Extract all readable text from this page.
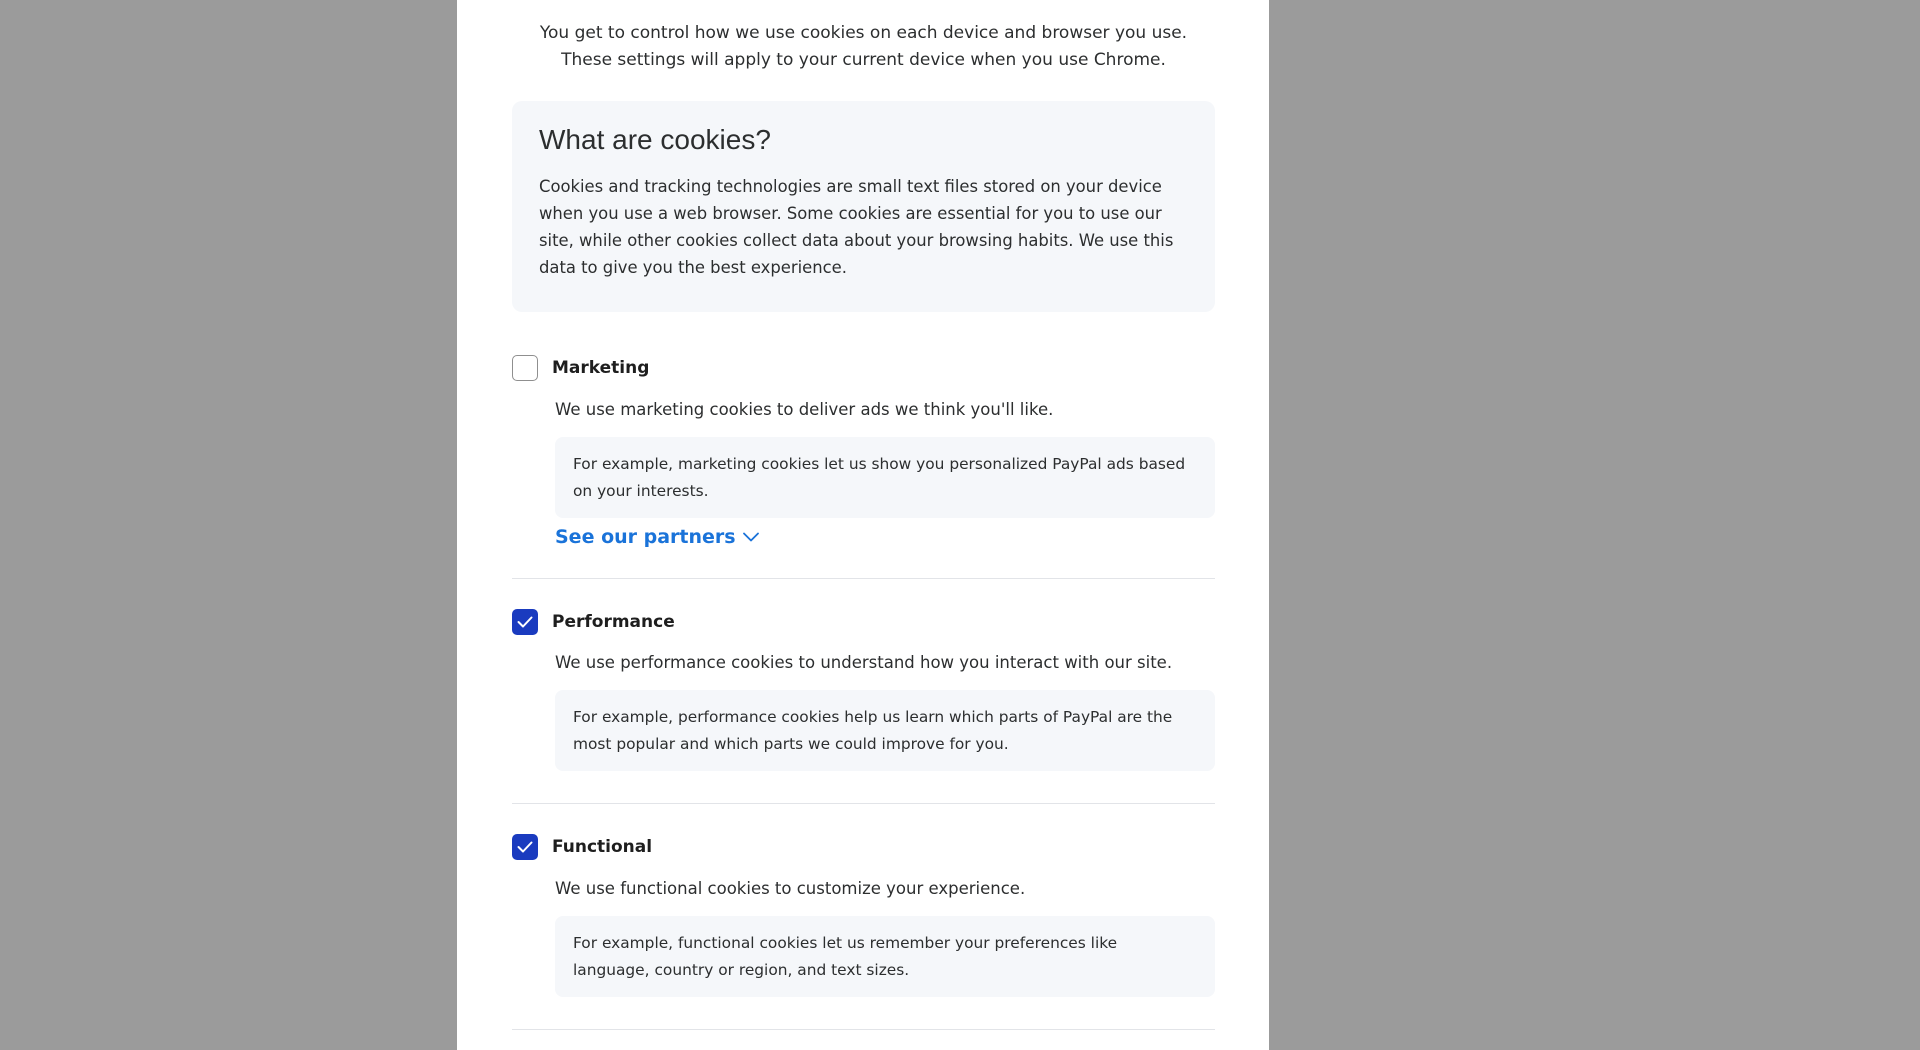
You get to control how we use cookies on each device and browser you use. These settings will apply to your current device when you use Chrome.
What are cookies?

Cookies and tracking technologies are small text files stored on your device when you use a web browser. Some cookies are essential for you to use our site, while other cookies collect data about your browsing habits. We use this data to give you the best experience.

Marketing
We use marketing cookies to deliver ads we think you'll like.
For example, marketing cookies let us show you personalized PayPal ads based on your interests.
See our partners
Performance
We use performance cookies to understand how you interact with our site.
For example, performance cookies help us learn which parts of PayPal are the most popular and which parts we could improve for you.
Functional
We use functional cookies to customize your experience.
For example, functional cookies let us remember your preferences like language, country or region, and text sizes.
